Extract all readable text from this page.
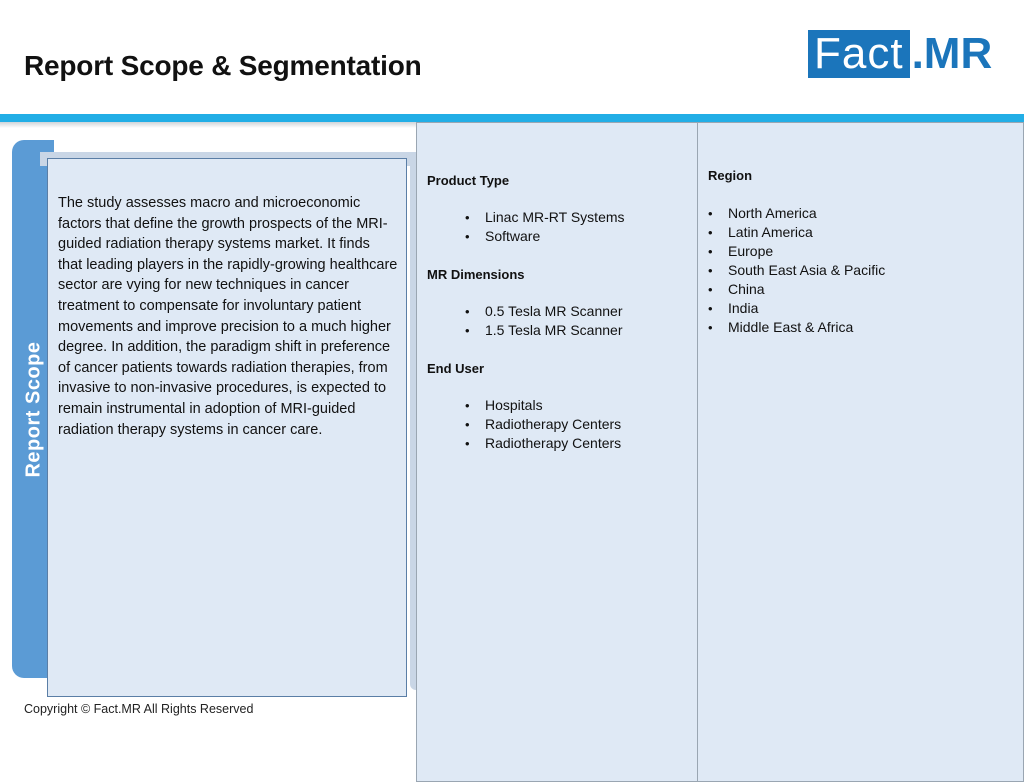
Report Scope & Segmentation	Fact .MR
Report Scope
The study assesses macro and microeconomic factors that define the growth prospects of the MRI-guided radiation therapy systems market. It finds that leading players in the rapidly-growing healthcare sector are vying for new techniques in cancer treatment to compensate for involuntary patient movements and improve precision to a much higher degree. In addition, the paradigm shift in preference of cancer patients towards radiation therapies, from invasive to non-invasive procedures, is expected to remain instrumental in adoption of MRI-guided radiation therapy systems in cancer care.
Product Type
• Linac MR-RT Systems
• Software
MR Dimensions
• 0.5 Tesla MR Scanner
• 1.5 Tesla MR Scanner
End User
• Hospitals
• Radiotherapy Centers
• Radiotherapy Centers
Region
• North America
• Latin America
• Europe
• South East Asia & Pacific
• China
• India
• Middle East & Africa
Copyright © Fact.MR All Rights Reserved
